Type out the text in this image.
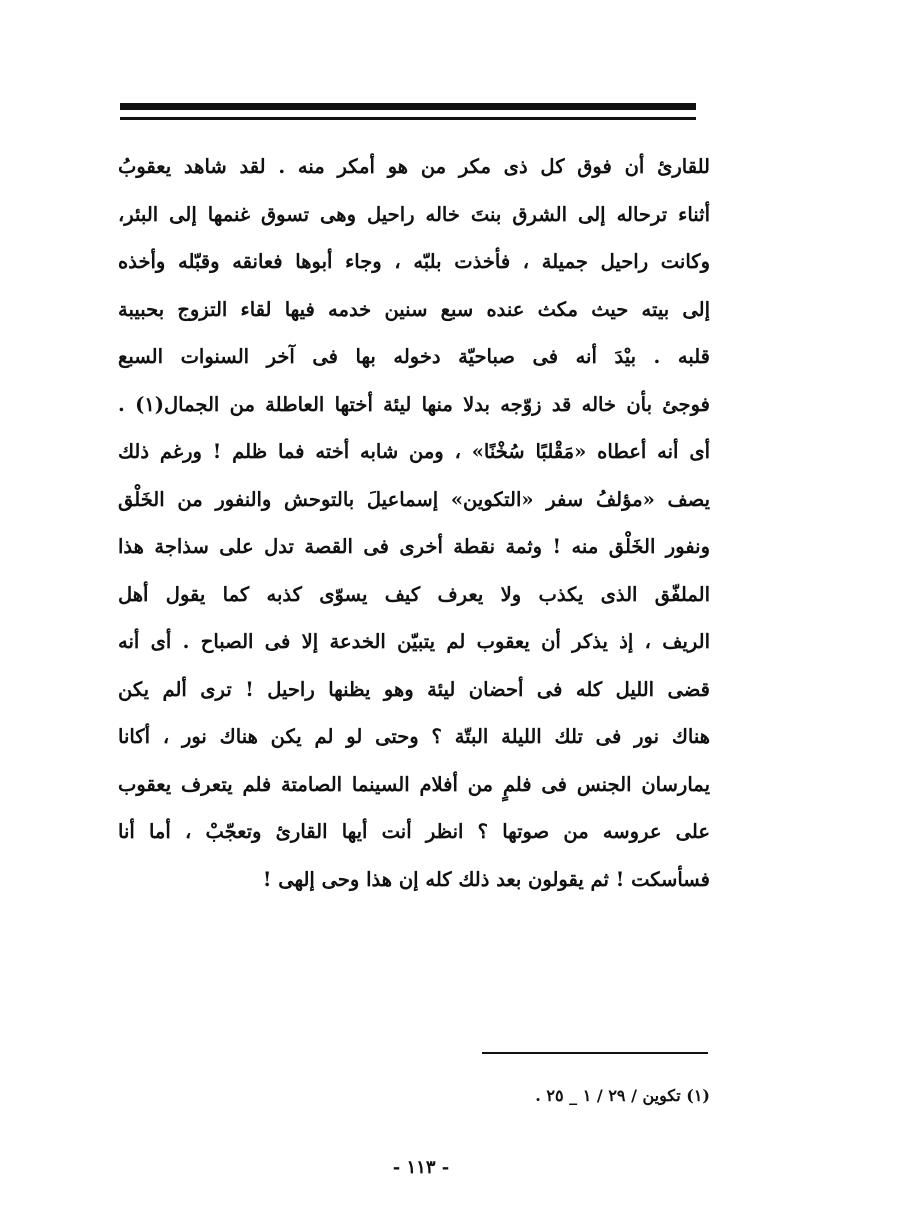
للقارئ أن فوق كل ذى مكر من هو أمكر منه . لقد شاهد يعقوبُ
أثناء ترحاله إلى الشرق بنتَ خاله راحيل وهى تسوق غنمها إلى البئر،
وكانت راحيل جميلة ، فأخذت بلبّه ، وجاء أبوها فعانقه وقبّله وأخذه
إلى بيته حيث مكث عنده سبع سنين خدمه فيها لقاء التزوج بحبيبة
قلبه . بيْدَ أنه فى صباحيّة دخوله بها فى آخر السنوات السبع
فوجئ بأن خاله قد زوّجه بدلا منها ليئة أختها العاطلة من الجمال(١) .
أى أنه أعطاه «مَقْلبًا سُخْنًا» ، ومن شابه أخته فما ظلم ! ورغم ذلك
يصف «مؤلفُ سفر «التكوين» إسماعيلَ بالتوحش والنفور من الخَلْق
ونفور الخَلْق منه ! وثمة نقطة أخرى فى القصة تدل على سذاجة هذا
الملفّق الذى يكذب ولا يعرف كيف يسوّى كذبه كما يقول أهل
الريف ، إذ يذكر أن يعقوب لم يتبيّن الخدعة إلا فى الصباح . أى أنه
قضى الليل كله فى أحضان ليئة وهو يظنها راحيل ! ترى ألم يكن
هناك نور فى تلك الليلة البتّة ؟ وحتى لو لم يكن هناك نور ، أكانا
يمارسان الجنس فى فلمٍ من أفلام السينما الصامتة فلم يتعرف يعقوب
على عروسه من صوتها ؟ انظر أنت أيها القارئ وتعجّبْ ، أما أنا
فسأسكت ! ثم يقولون بعد ذلك كله إن هذا وحى إلهى !
(١) تكوين / ٢٩ / ١ _ ٢٥ .
- ١١٣ -
